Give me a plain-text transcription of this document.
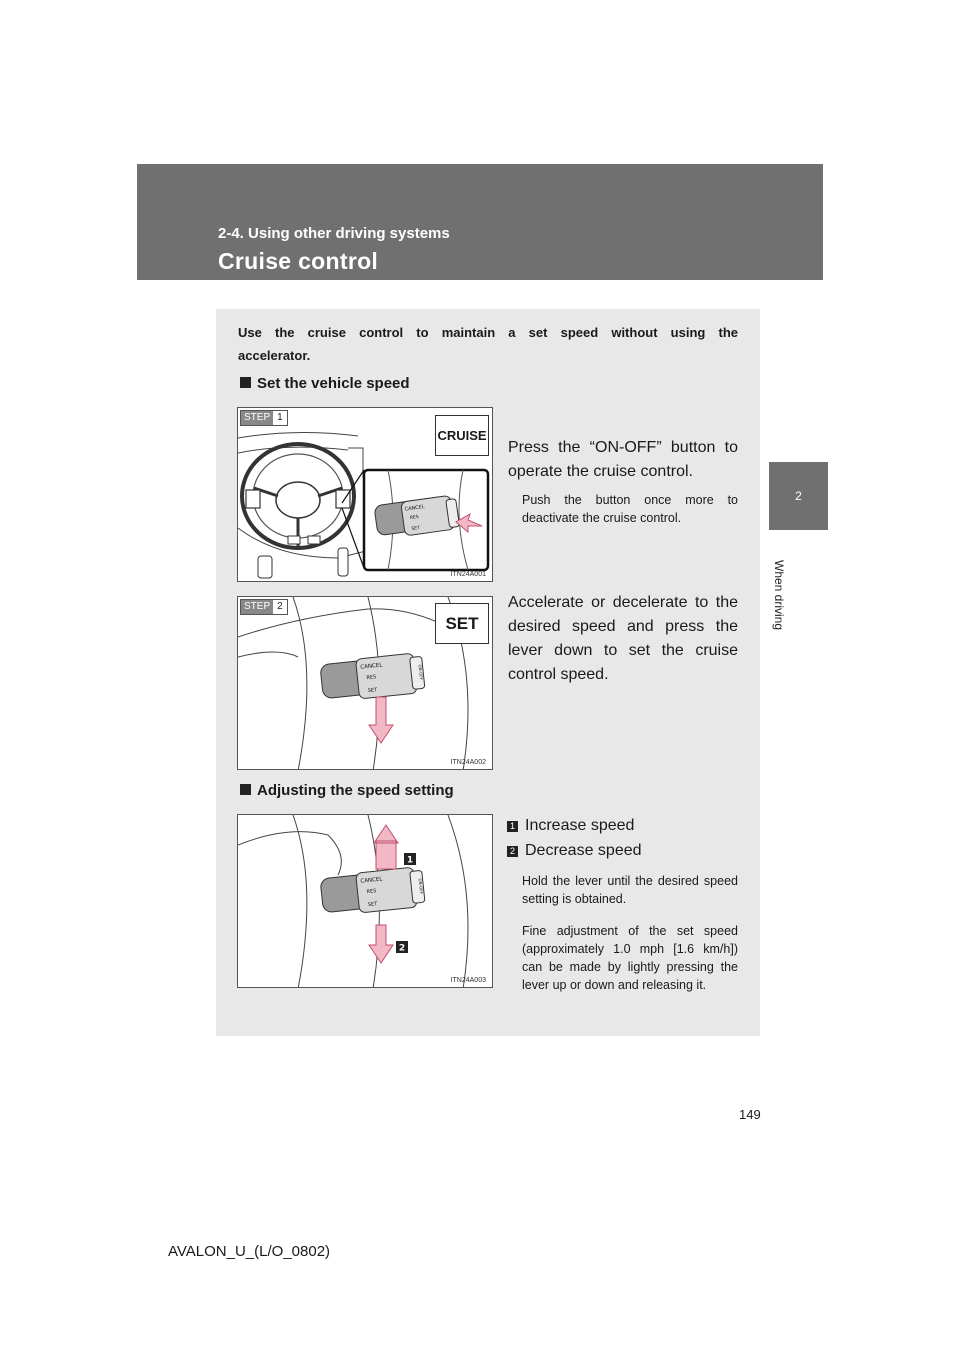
2-4. Using other driving systems
Cruise control
2
When driving
Use the cruise control to maintain a set speed without using the accelerator.
Set the vehicle speed
CANCEL
RES
SET
STEP 1
CRUISE
ITN24A001
Press the “ON-OFF” button to operate the cruise control.
Push the button once more to deactivate the cruise control.
CANCEL
RES
SET
ON-OFF
STEP 2
SET
ITN24A002
Accelerate or decelerate to the desired speed and press the lever down to set the cruise control speed.
Adjusting the speed setting
CANCEL
RES
SET
ON-OFF
1
2
ITN24A003
1 Increase speed
2 Decrease speed
Hold the lever until the desired speed setting is obtained.
Fine adjustment of the set speed (approximately 1.0 mph [1.6 km/h]) can be made by lightly pressing the lever up or down and releasing it.
149
AVALON_U_(L/O_0802)
